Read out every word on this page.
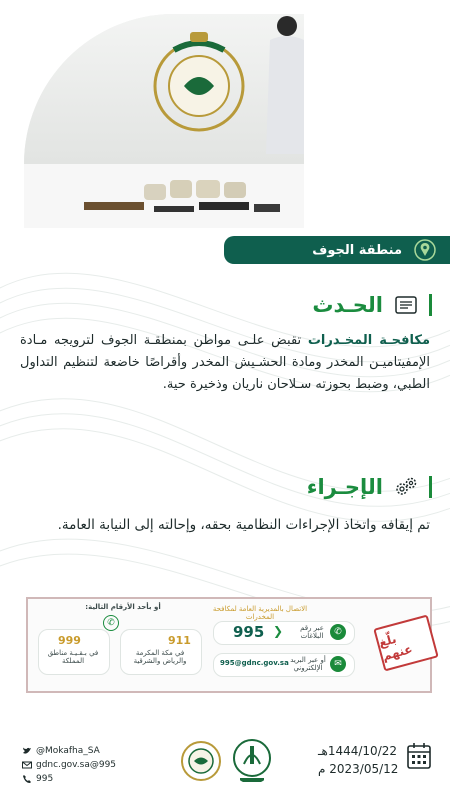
منطقة الجوف
الحـدث
مكافحـة المخـدرات تقبض علـى مواطن بمنطقـة الجوف لترويجه مـادة الإمفيتاميـن المخدر ومادة الحشـيش المخدر وأقراصًا خاضعة لتنظيم التداول الطبي، وضبط بحوزته سـلاحان ناريان وذخيرة حية.
الإجـراء
تم إيقافه واتخاذ الإجراءات النظامية بحقه، وإحالته إلى النيابة العامة.
بلّغ عنهم
الاتصال بالمديرية العامة لمكافحة المخدرات
✆
عبر رقم البلاغات
995 ❯
✉
أو عبر البريد الإلكتروني
995@gdnc.gov.sa
أو بأحد الأرقام التالية:
✆
911
في مكة المكرمة والرياض والشرقية
999
في بـقـيـة مناطق المملكة
@Mokafha_SA
gdnc.gov.sa@995
995
1444/10/22هـ
2023/05/12 م
